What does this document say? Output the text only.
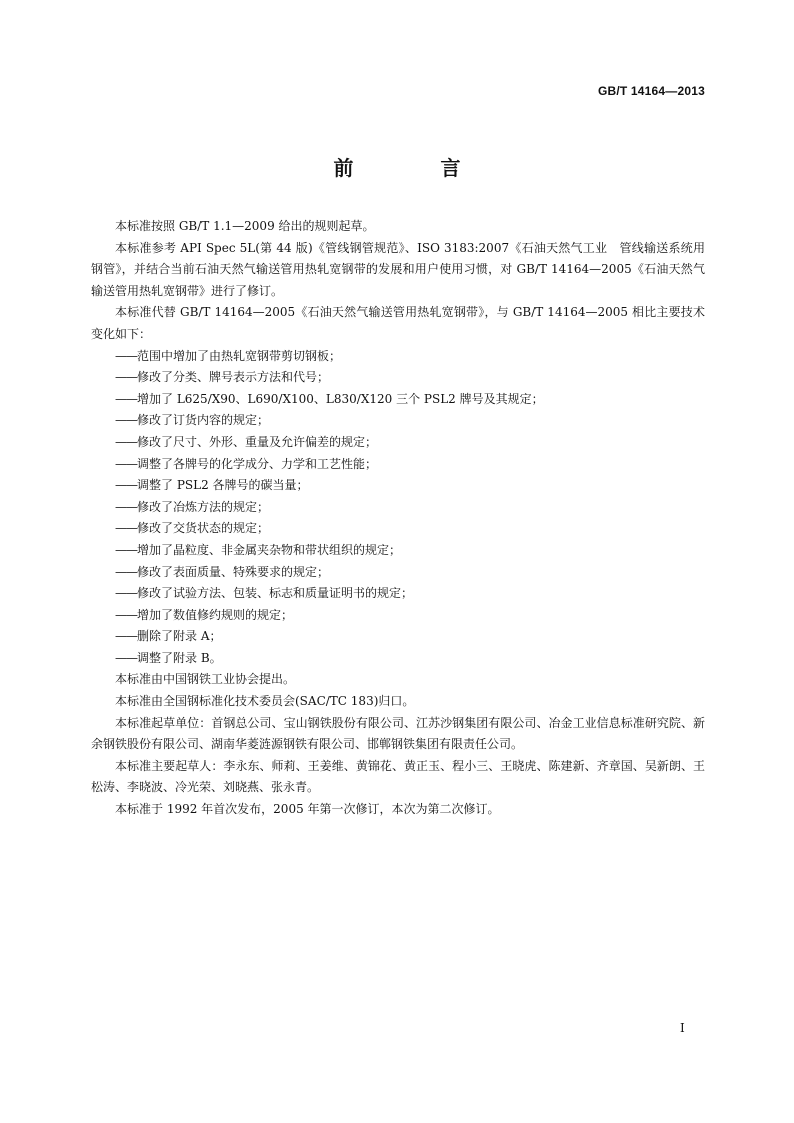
GB/T 14164—2013
前 言

本标准按照 GB/T 1.1—2009 给出的规则起草。

本标准参考 API Spec 5L(第 44 版)《管线钢管规范》、ISO 3183:2007《石油天然气工业　管线输送系统用钢管》，并结合当前石油天然气输送管用热轧宽钢带的发展和用户使用习惯，对 GB/T 14164—2005《石油天然气输送管用热轧宽钢带》进行了修订。

本标准代替 GB/T 14164—2005《石油天然气输送管用热轧宽钢带》，与 GB/T 14164—2005 相比主要技术变化如下：

——范围中增加了由热轧宽钢带剪切钢板；
——修改了分类、牌号表示方法和代号；
——增加了 L625/X90、L690/X100、L830/X120 三个 PSL2 牌号及其规定；
——修改了订货内容的规定；
——修改了尺寸、外形、重量及允许偏差的规定；
——调整了各牌号的化学成分、力学和工艺性能；
——调整了 PSL2 各牌号的碳当量；
——修改了冶炼方法的规定；
——修改了交货状态的规定；
——增加了晶粒度、非金属夹杂物和带状组织的规定；
——修改了表面质量、特殊要求的规定；
——修改了试验方法、包装、标志和质量证明书的规定；
——增加了数值修约规则的规定；
——删除了附录 A；
——调整了附录 B。

本标准由中国钢铁工业协会提出。

本标准由全国钢标准化技术委员会(SAC/TC 183)归口。

本标准起草单位：首钢总公司、宝山钢铁股份有限公司、江苏沙钢集团有限公司、冶金工业信息标准研究院、新余钢铁股份有限公司、湖南华菱涟源钢铁有限公司、邯郸钢铁集团有限责任公司。

本标准主要起草人：李永东、师莉、王姜维、黄锦花、黄正玉、程小三、王晓虎、陈建新、齐章国、吴新朗、王松涛、李晓波、冷光荣、刘晓燕、张永青。

本标准于 1992 年首次发布，2005 年第一次修订，本次为第二次修订。

I
